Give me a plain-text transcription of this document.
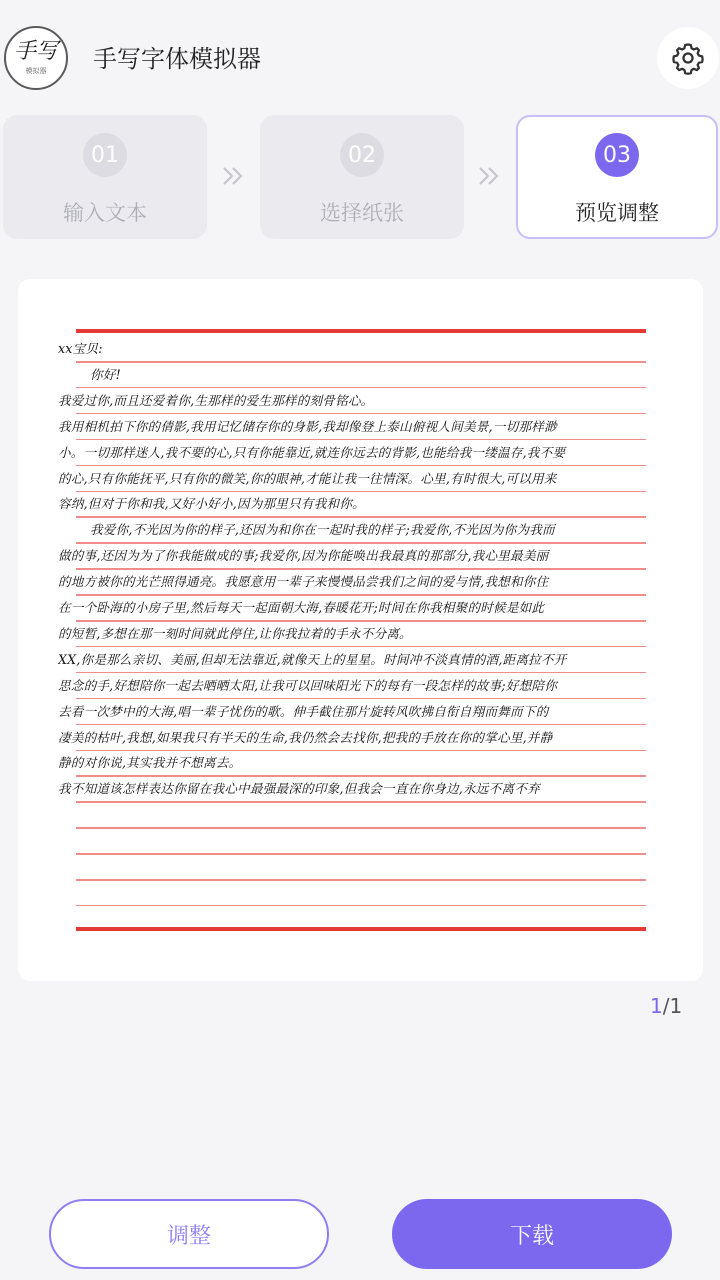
手写
模拟器 手写字体模拟器
01
输入文本
02
选择纸张
03
预览调整
xx宝贝:
你好!
我爱过你,而且还爱着你,生那样的爱生那样的刻骨铭心。
我用相机拍下你的倩影,我用记忆储存你的身影,我却像登上泰山俯视人间美景,一切那样渺
小。一切那样迷人,我不要的心,只有你能靠近,就连你远去的背影,也能给我一缕温存,我不要
的心,只有你能抚平,只有你的微笑,你的眼神,才能让我一往情深。心里,有时很大,可以用来
容纳,但对于你和我,又好小好小,因为那里只有我和你。
我爱你,不光因为你的样子,还因为和你在一起时我的样子;我爱你,不光因为你为我而
做的事,还因为为了你我能做成的事;我爱你,因为你能唤出我最真的那部分,我心里最美丽
的地方被你的光芒照得通亮。我愿意用一辈子来慢慢品尝我们之间的爱与情,我想和你住
在一个卧海的小房子里,然后每天一起面朝大海,春暖花开;时间在你我相聚的时候是如此
的短暂,多想在那一刻时间就此停住,让你我拉着的手永不分离。
XX,你是那么亲切、美丽,但却无法靠近,就像天上的星星。时间冲不淡真情的酒,距离拉不开
思念的手,好想陪你一起去晒晒太阳,让我可以回味阳光下的每有一段怎样的故事;好想陪你
去看一次梦中的大海,唱一辈子忧伤的歌。伸手截住那片旋转风吹拂自衔自翔而舞而下的
凄美的枯叶,我想,如果我只有半天的生命,我仍然会去找你,把我的手放在你的掌心里,并静
静的对你说,其实我并不想离去。
我不知道该怎样表达你留在我心中最强最深的印象,但我会一直在你身边,永远不离不弃
1/1
调整	下载
